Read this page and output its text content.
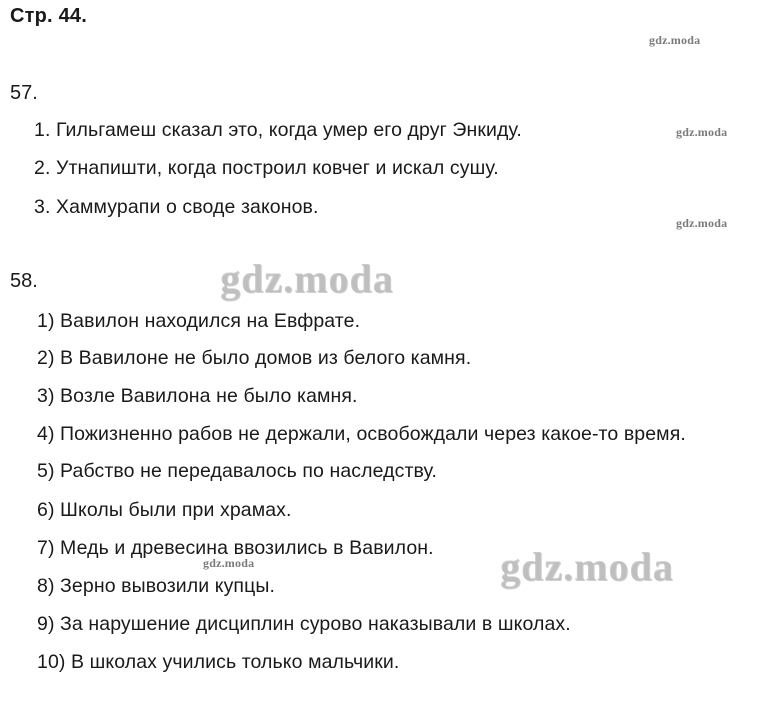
Стр. 44.
gdz.moda
gdz.moda
gdz.moda
gdz.moda
57.
1. Гильгамеш сказал это, когда умер его друг Энкиду.
2. Утнапишти, когда построил ковчег и искал сушу.
3. Хаммурапи о своде законов.
gdz.moda
gdz.moda
58.
1) Вавилон находился на Евфрате.
2) В Вавилоне не было домов из белого камня.
3) Возле Вавилона не было камня.
4) Пожизненно рабов не держали, освобождали через какое-то время.
5) Рабство не передавалось по наследству.
6) Школы были при храмах.
7) Медь и древесина ввозились в Вавилон.
8) Зерно вывозили купцы.
9) За нарушение дисциплин сурово наказывали в школах.
10) В школах учились только мальчики.
